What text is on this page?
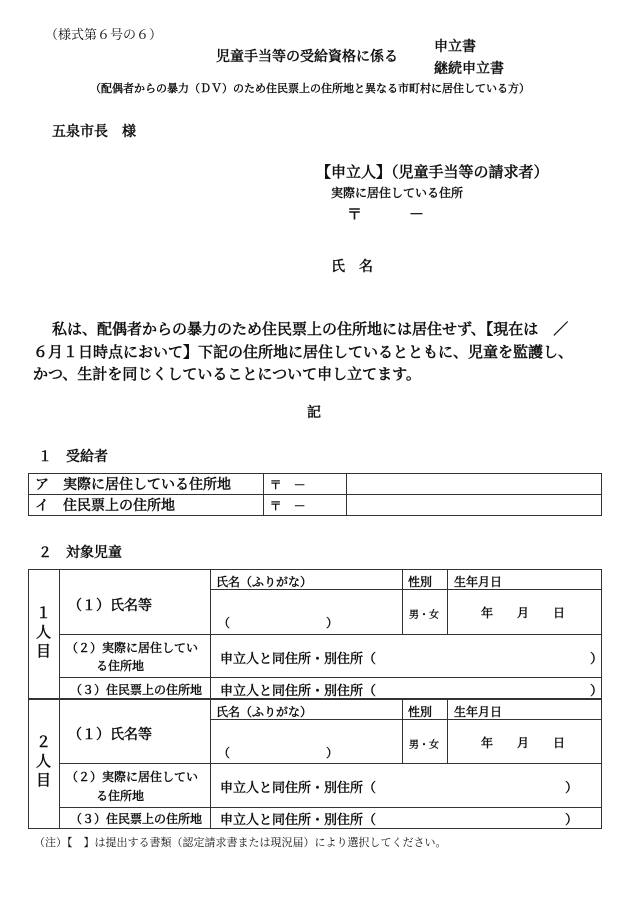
（様式第６号の６）
児童手当等の受給資格に係る
申立書
継続申立書
（配偶者からの暴力（ＤＶ）のため住民票上の住所地と異なる市町村に居住している方）
五泉市長　様
【申立人】（児童手当等の請求者）
実際に居住している住所
〒	－
氏　名
私は、配偶者からの暴力のため住民票上の住所地には居住せず、【現在は　／
６月１日時点において】下記の住所地に居住しているとともに、児童を監護し、
かつ、生計を同じくしていることについて申し立てます。
記
１　受給者
ア　実際に居住している住所地	〒　－	
イ　住民票上の住所地	〒　－	
２　対象児童
１人目
（１）氏名等
氏名（ふりがな）	性別 生年月日
（　　　　　　　　）
男・女	年　　月　　日
（２）実際に居住してい
る住所地	申立人と同住所・別住所（	）
（３）住民票上の住所地 申立人と同住所・別住所（	）
２人目
（１）氏名等
氏名（ふりがな）	性別 生年月日
（　　　　　　　　）
男・女	年　　月　　日
（２）実際に居住してい
る住所地	申立人と同住所・別住所（	）
（３）住民票上の住所地 申立人と同住所・別住所（	）
（注）【　】は提出する書類（認定請求書または現況届）により選択してください。
